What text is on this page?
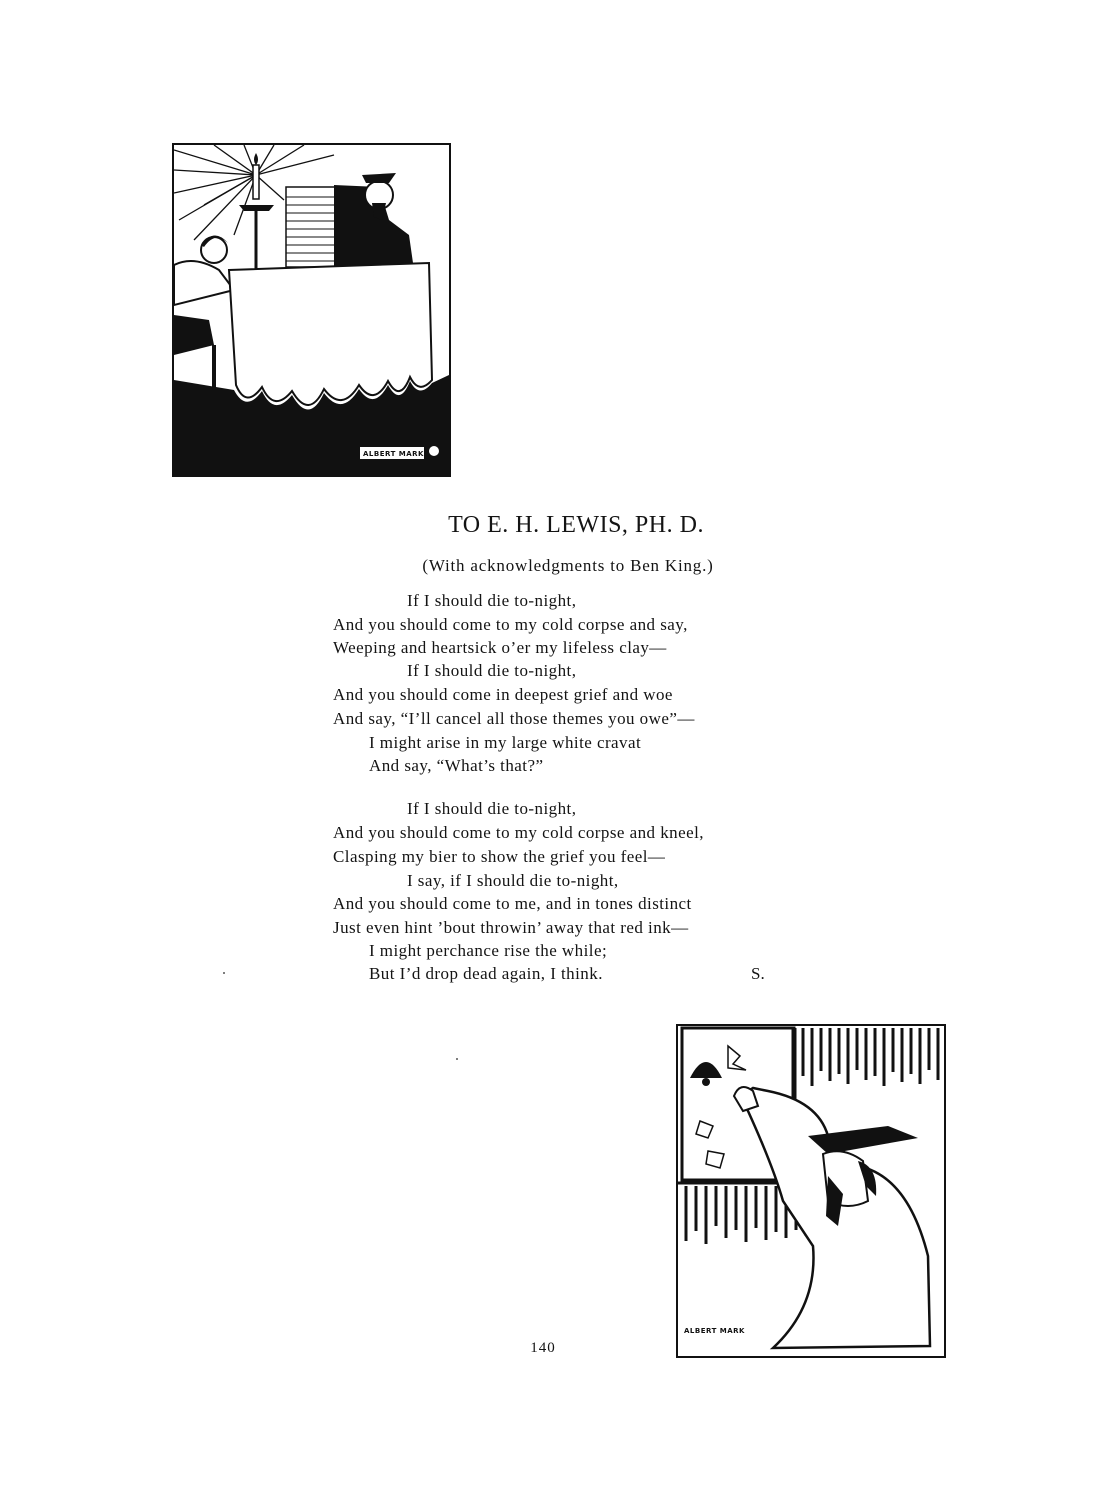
ALBERT MARK
TO E. H. LEWIS, PH. D.

(With acknowledgments to Ben King.)

If I should die to-night,
And you should come to my cold corpse and say,
Weeping and heartsick o’er my lifeless clay—
If I should die to-night,
And you should come in deepest grief and woe
And say, “I’ll cancel all those themes you owe”—
I might arise in my large white cravat
And say, “What’s that?”
If I should die to-night,
And you should come to my cold corpse and kneel,
Clasping my bier to show the grief you feel—
I say, if I should die to-night,
And you should come to me, and in tones distinct
Just even hint ’bout throwin’ away that red ink—
I might perchance rise the while;
But I’d drop dead again, I think.	S.
ALBERT MARK
140
